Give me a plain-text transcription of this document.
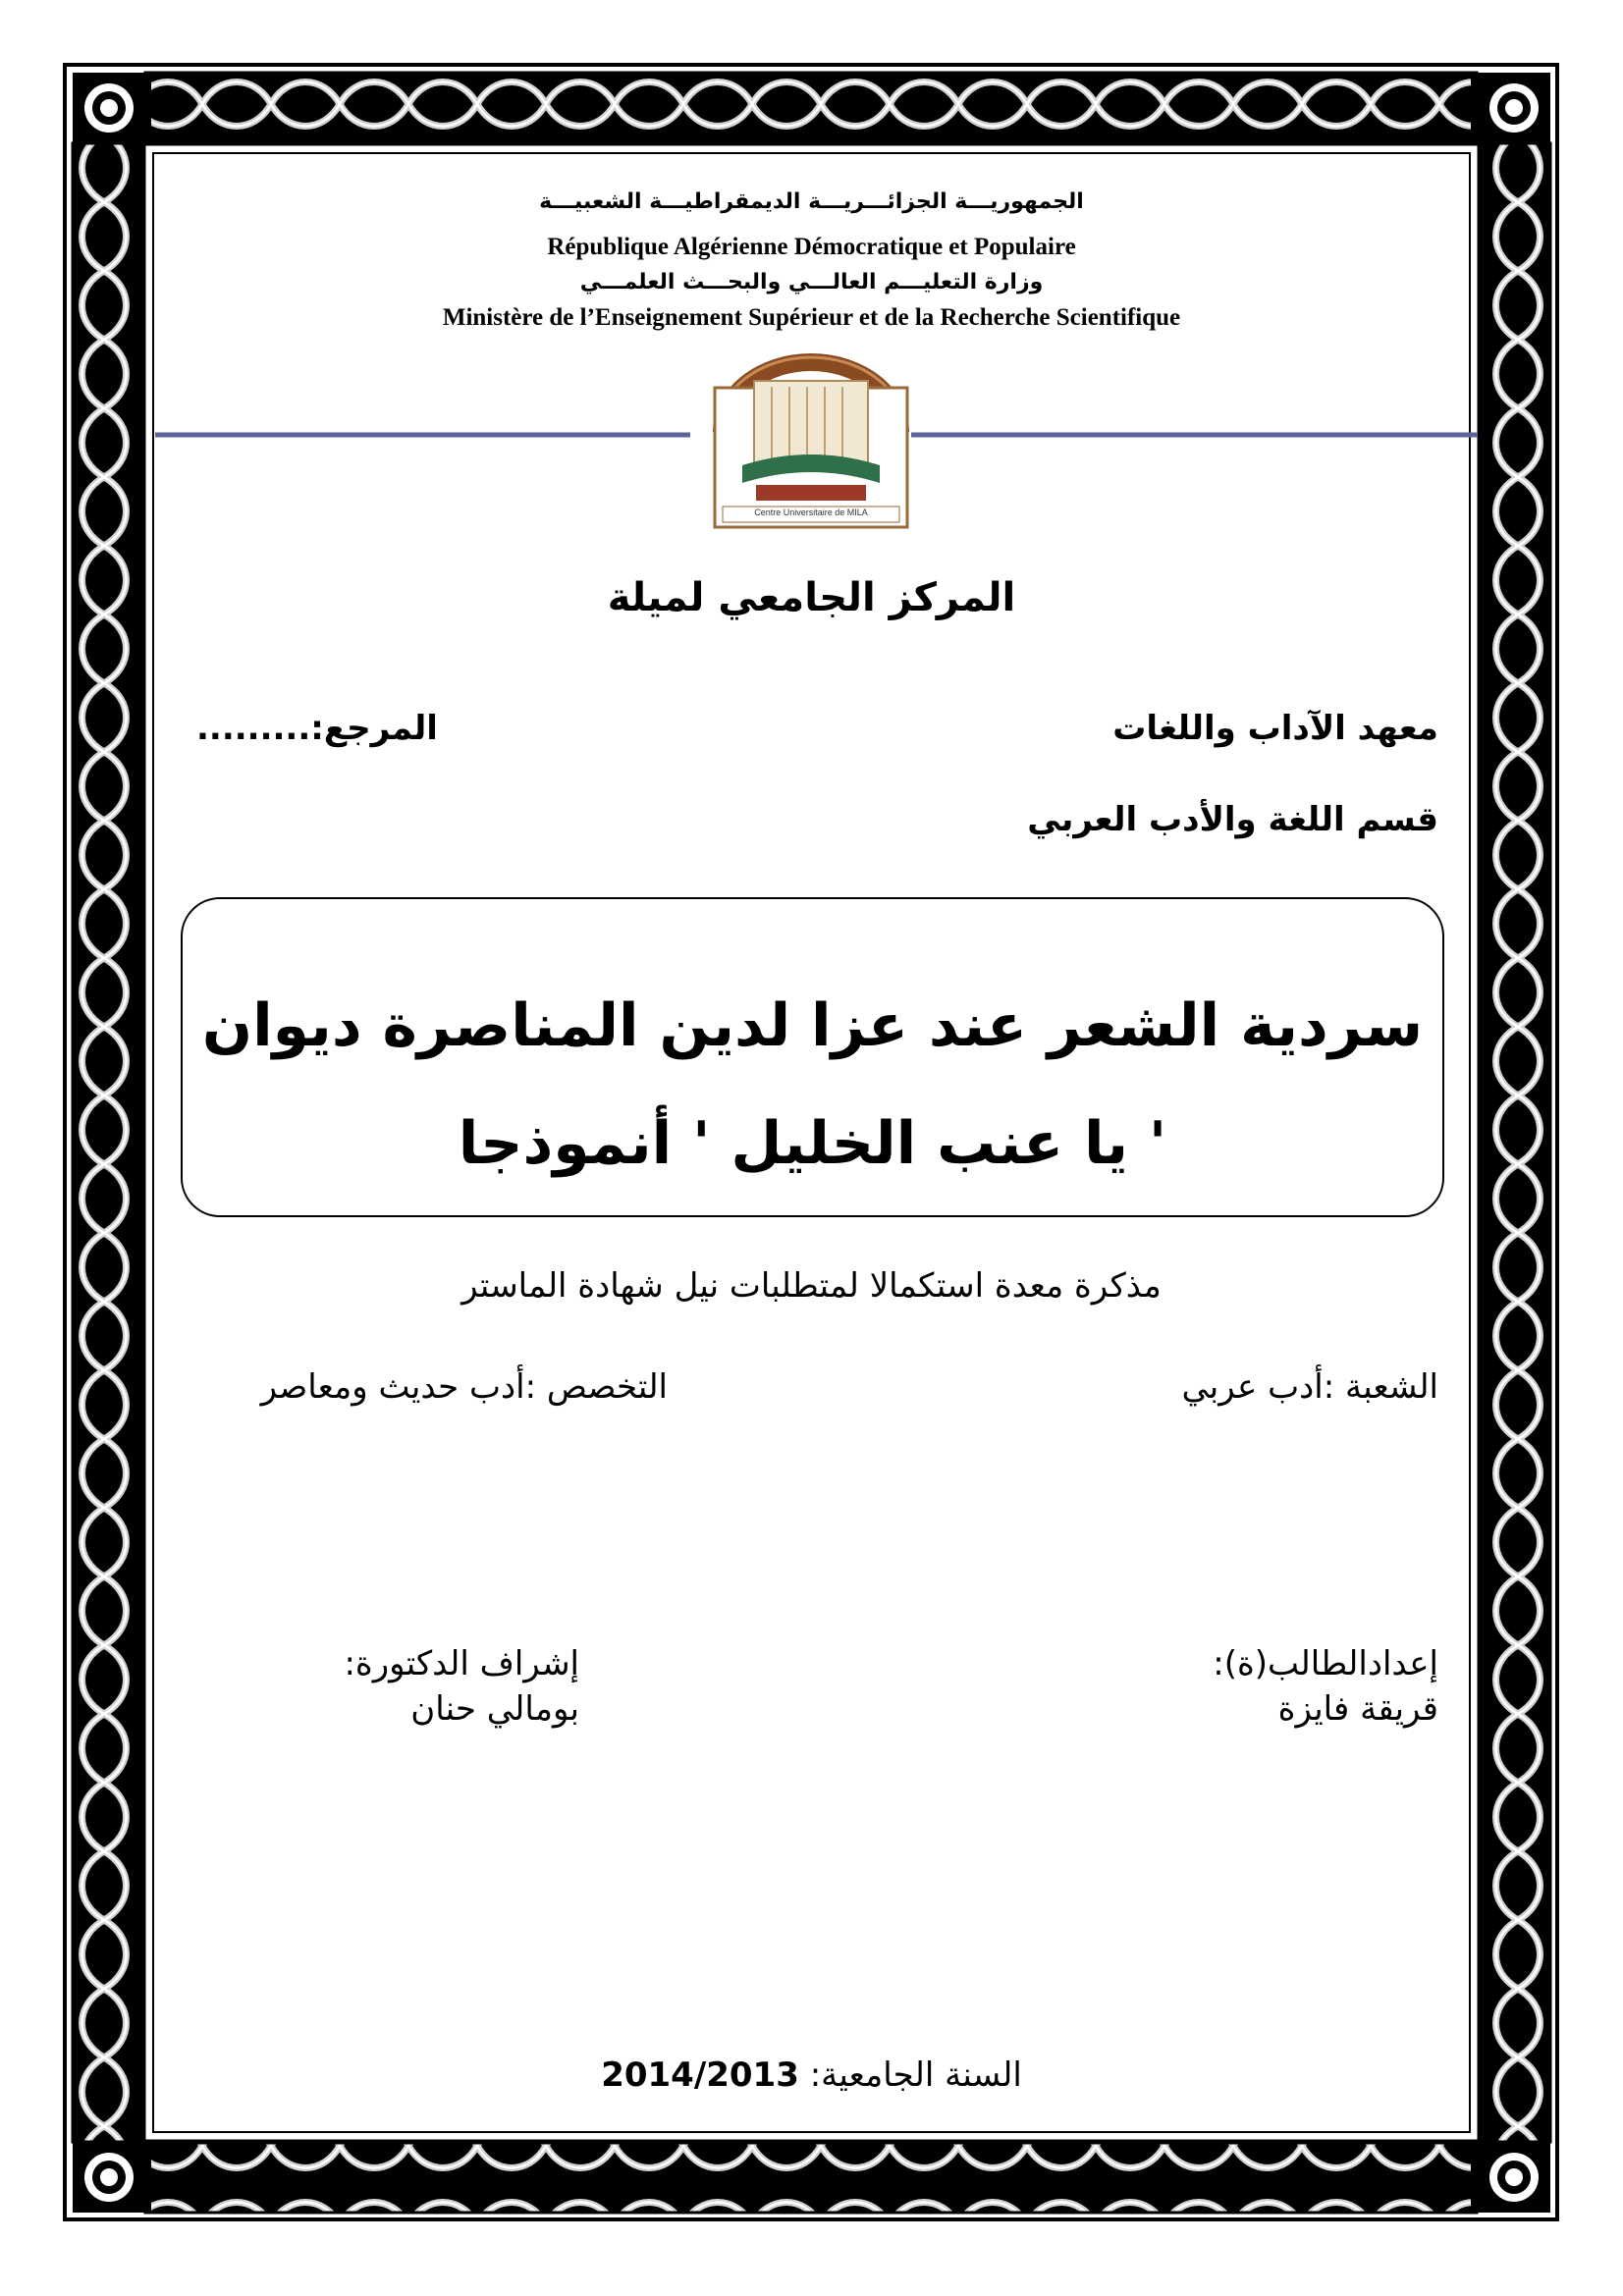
Centre Universitaire de MILA
الجمهوريـــة الجزائـــريـــة الديمقراطيـــة الشعبيـــة
République Algérienne Démocratique et Populaire
وزارة التعليـــم العالـــي والبحـــث العلمـــي
Ministère de l’Enseignement Supérieur et de la Recherche Scientifique
المركز الجامعي لميلة
معهد الآداب واللغات
المرجع:.........
قسم اللغة والأدب العربي
سردية الشعر عند عزا لدين المناصرة ديوان
' يا عنب الخليل ' أنموذجا
مذكرة معدة استكمالا لمتطلبات نيل شهادة الماستر
الشعبة :أدب عربي
التخصص :أدب حديث ومعاصر
إعدادالطالب(ة):
قريقة فايزة
إشراف الدكتورة:
بومالي حنان
2014/2013 السنة الجامعية:
